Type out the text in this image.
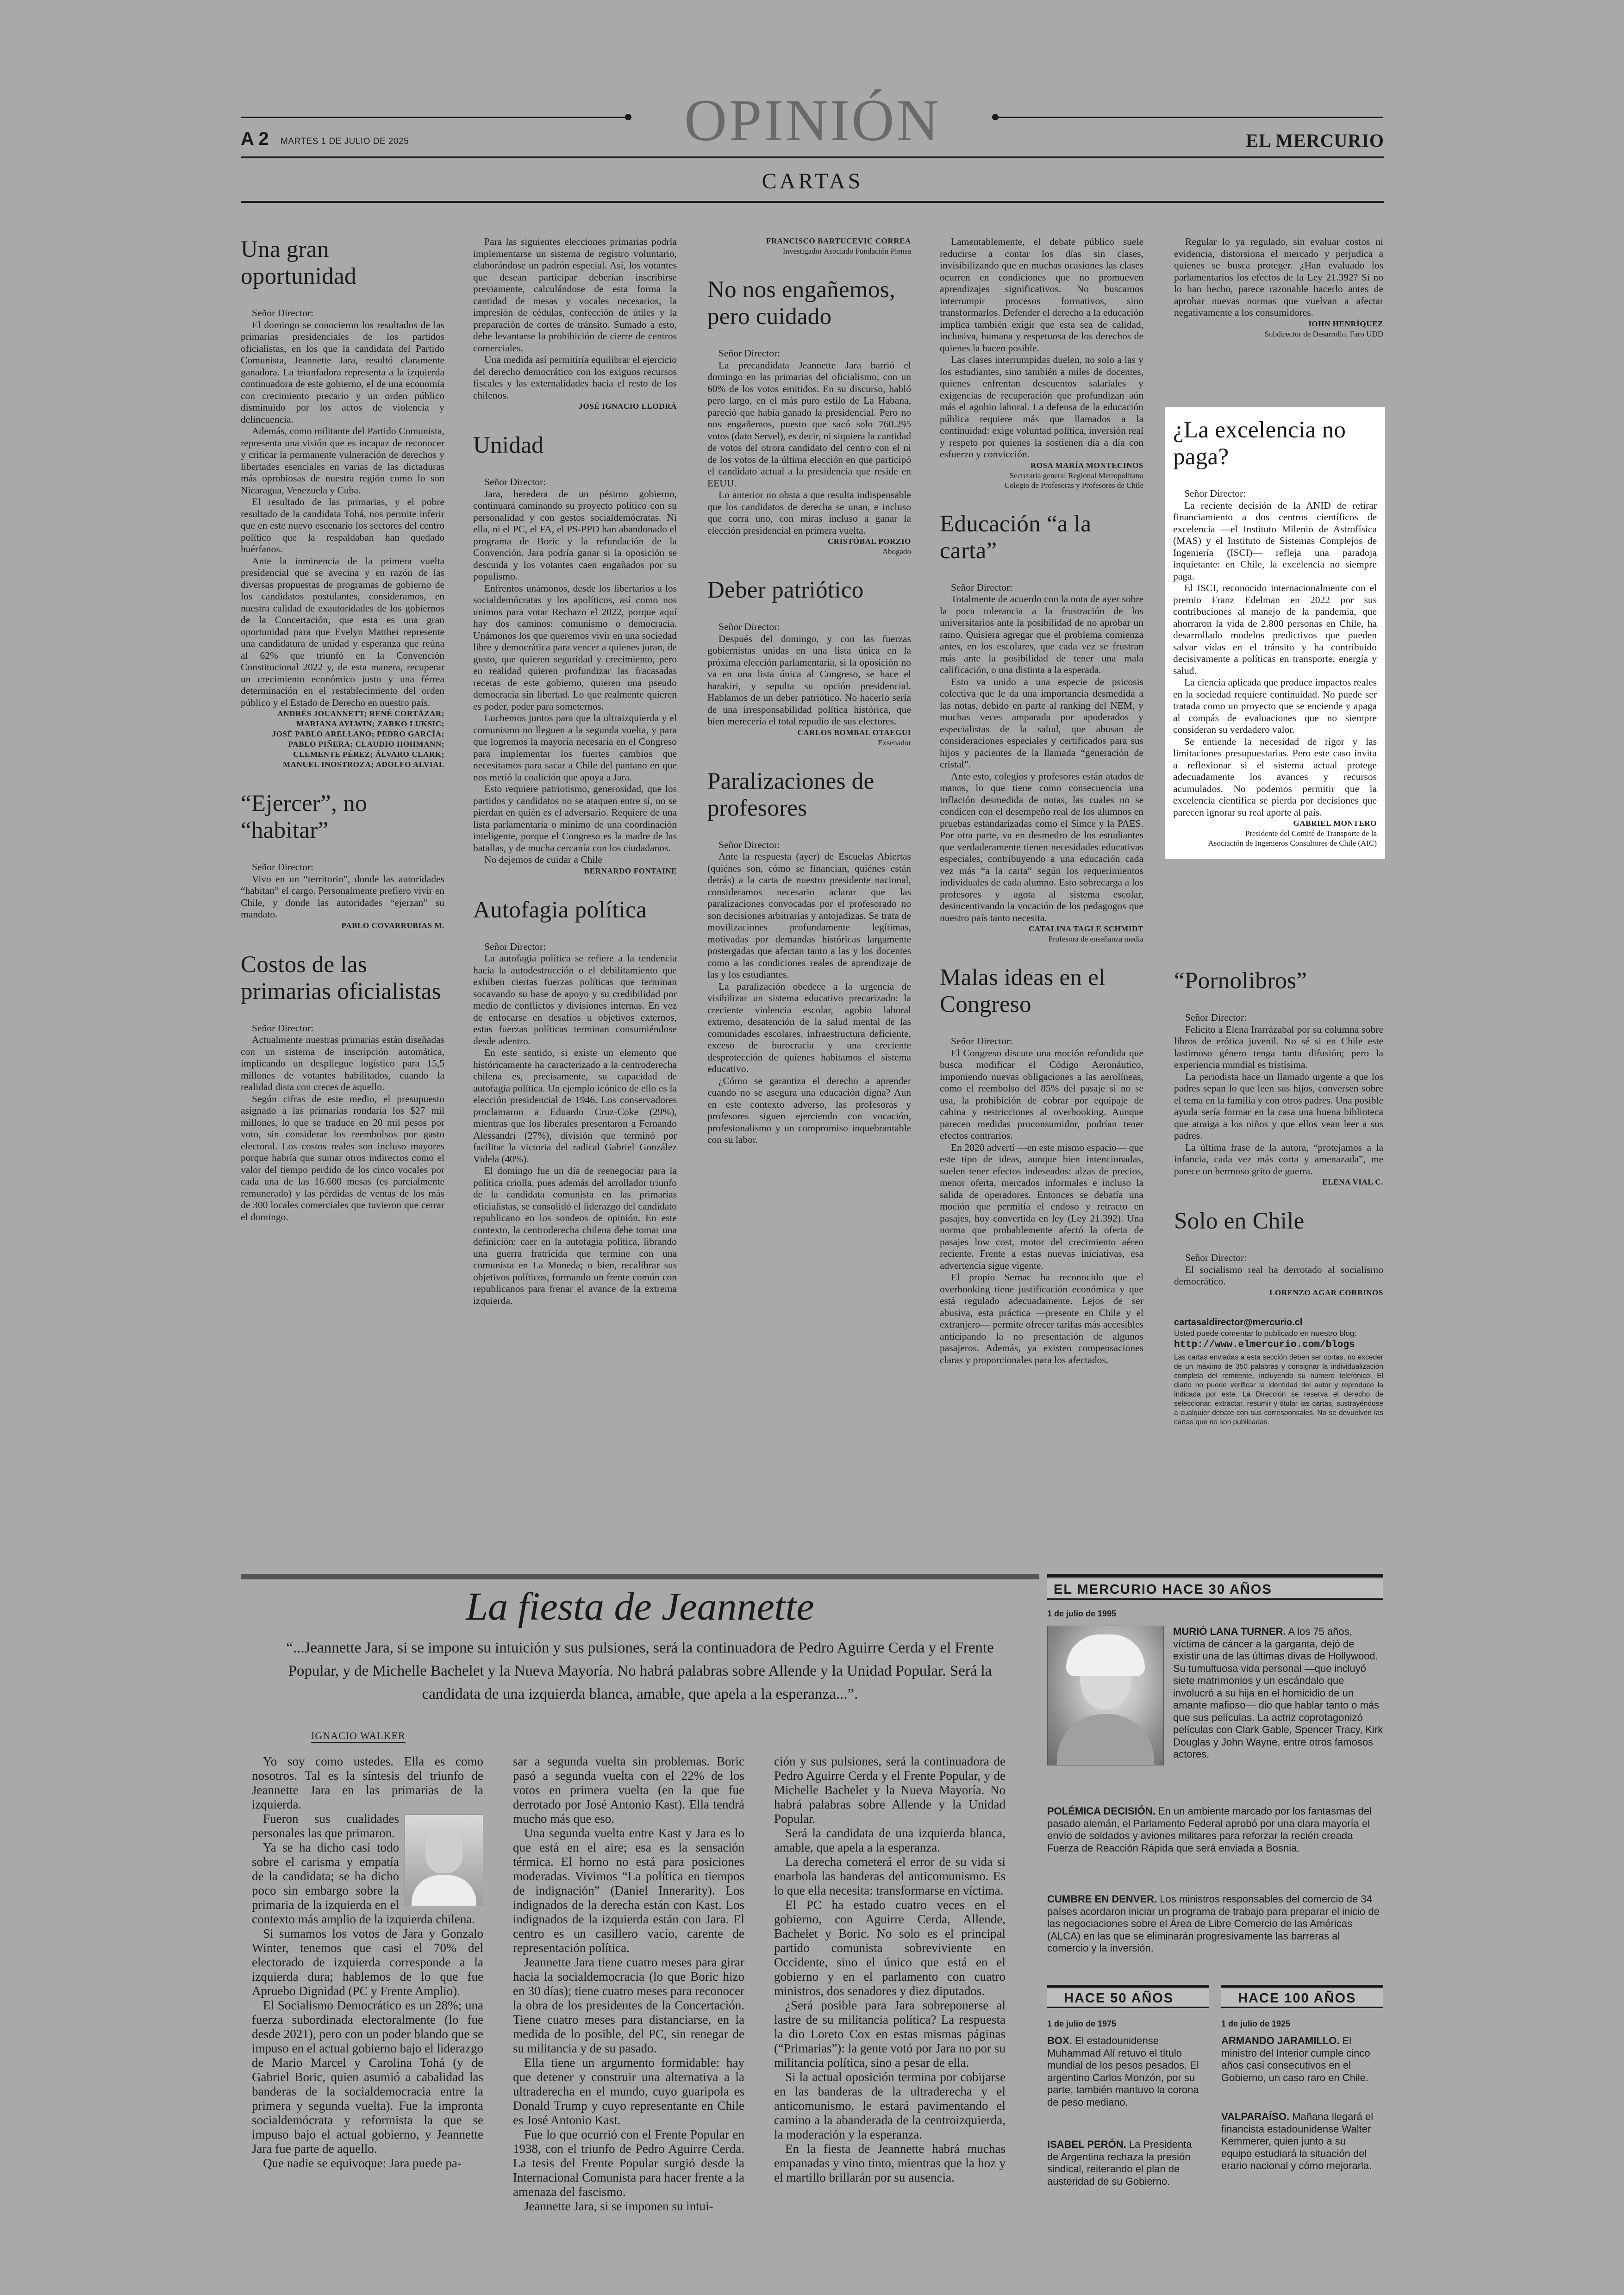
OPINIÓN
A 2 MARTES 1 DE JULIO DE 2025	EL MERCURIO
CARTAS
Una gran oportunidad

Señor Director:

El domingo se conocieron los resultados de las primarias presidenciales de los partidos oficialistas, en los que la candidata del Partido Comunista, Jeannette Jara, resultó claramente ganadora. La triunfadora representa a la izquierda continuadora de este gobierno, el de una economía con crecimiento precario y un orden público disminuido por los actos de violencia y delincuencia.

Además, como militante del Partido Comunista, representa una visión que es incapaz de reconocer y criticar la permanente vulneración de derechos y libertades esenciales en varias de las dictaduras más oprobiosas de nuestra región como lo son Nicaragua, Venezuela y Cuba.

El resultado de las primarias, y el pobre resultado de la candidata Tohá, nos permite inferir que en este nuevo escenario los sectores del centro político que la respaldaban han quedado huérfanos.

Ante la inminencia de la primera vuelta presidencial que se avecina y en razón de las diversas propuestas de programas de gobierno de los candidatos postulantes, consideramos, en nuestra calidad de exautoridades de los gobiernos de la Concertación, que esta es una gran oportunidad para que Evelyn Matthei represente una candidatura de unidad y esperanza que reúna al 62% que triunfó en la Convención Constitucional 2022 y, de esta manera, recuperar un crecimiento económico justo y una férrea determinación en el restablecimiento del orden público y el Estado de Derecho en nuestro país.

ANDRÉS JOUANNETT; RENÉ CORTÁZAR;

MARIANA AYLWIN; ZARKO LUKSIC;

JOSÉ PABLO ARELLANO; PEDRO GARCÍA;

PABLO PIÑERA; CLAUDIO HOHMANN;

CLEMENTE PÉREZ; ÁLVARO CLARK;

MANUEL INOSTROZA; ADOLFO ALVIAL

“Ejercer”, no “habitar”

Señor Director:

Vivo en un “territorio”, donde las autoridades “habitan” el cargo. Personalmente prefiero vivir en Chile, y donde las autoridades “ejerzan” su mandato.

PABLO COVARRUBIAS M.

Costos de las primarias oficialistas

Señor Director:

Actualmente nuestras primarias están diseñadas con un sistema de inscripción automática, implicando un despliegue logístico para 15,5 millones de votantes habilitados, cuando la realidad dista con creces de aquello.

Según cifras de este medio, el presupuesto asignado a las primarias rondaría los $27 mil millones, lo que se traduce en 20 mil pesos por voto, sin considerar los reembolsos por gasto electoral. Los costos reales son incluso mayores porque habría que sumar otros indirectos como el valor del tiempo perdido de los cinco vocales por cada una de las 16.600 mesas (es parcialmente remunerado) y las pérdidas de ventas de los más de 300 locales comerciales que tuvieron que cerrar el domingo.

Para las siguientes elecciones primarias podría implementarse un sistema de registro voluntario, elaborándose un padrón especial. Así, los votantes que desean participar deberían inscribirse previamente, calculándose de esta forma la cantidad de mesas y vocales necesarios, la impresión de cédulas, confección de útiles y la preparación de cortes de tránsito. Sumado a esto, debe levantarse la prohibición de cierre de centros comerciales.

Una medida así permitiría equilibrar el ejercicio del derecho democrático con los exiguos recursos fiscales y las externalidades hacia el resto de los chilenos.

JOSÉ IGNACIO LLODRÁ

Unidad

Señor Director:

Jara, heredera de un pésimo gobierno, continuará caminando su proyecto político con su personalidad y con gestos socialdemócratas. Ni ella, ni el PC, el FA, el PS-PPD han abandonado el programa de Boric y la refundación de la Convención. Jara podría ganar si la oposición se descuida y los votantes caen engañados por su populismo.

Enfrentos unámonos, desde los libertarios a los socialdemócratas y los apolíticos, así como nos unimos para votar Rechazo el 2022, porque aquí hay dos caminos: comunismo o democracia. Unámonos los que queremos vivir en una sociedad libre y democrática para vencer a quienes juran, de gusto, que quieren seguridad y crecimiento, pero en realidad quieren profundizar las fracasadas recetas de este gobierno, quieren una pseudo democracia sin libertad. Lo que realmente quieren es poder, poder para someternos.

Luchemos juntos para que la ultraizquierda y el comunismo no lleguen a la segunda vuelta, y para que logremos la mayoría necesaria en el Congreso para implementar los fuertes cambios que necesitamos para sacar a Chile del pantano en que nos metió la coalición que apoya a Jara.

Esto requiere patriotismo, generosidad, que los partidos y candidatos no se ataquen entre sí, no se pierdan en quién es el adversario. Requiere de una lista parlamentaria o mínimo de una coordinación inteligente, porque el Congreso es la madre de las batallas, y de mucha cercanía con los ciudadanos.

No dejemos de cuidar a Chile

BERNARDO FONTAINE

Autofagia política

Señor Director:

La autofagia política se refiere a la tendencia hacia la autodestrucción o el debilitamiento que exhiben ciertas fuerzas políticas que terminan socavando su base de apoyo y su credibilidad por medio de conflictos y divisiones internas. En vez de enfocarse en desafíos u objetivos externos, estas fuerzas políticas terminan consumiéndose desde adentro.

En este sentido, si existe un elemento que históricamente ha caracterizado a la centroderecha chilena es, precisamente, su capacidad de autofagia política. Un ejemplo icónico de ello es la elección presidencial de 1946. Los conservadores proclamaron a Eduardo Cruz-Coke (29%), mientras que los liberales presentaron a Fernando Alessandri (27%), división que terminó por facilitar la victoria del radical Gabriel González Videla (40%).

El domingo fue un día de reenegociar para la política criolla, pues además del arrollador triunfo de la candidata comunista en las primarias oficialistas, se consolidó el liderazgo del candidato republicano en los sondeos de opinión. En este contexto, la centroderecha chilena debe tomar una definición: caer en la autofagia política, librando una guerra fratricida que termine con una comunista en La Moneda; o bien, recalibrar sus objetivos políticos, formando un frente común con republicanos para frenar el avance de la extrema izquierda.

FRANCISCO BARTUCEVIC CORREA

Investigador Asociado Fundación Piensa

No nos engañemos, pero cuidado

Señor Director:

La precandidata Jeannette Jara barrió el domingo en las primarias del oficialismo, con un 60% de los votos emitidos. En su discurso, habló pero largo, en el más puro estilo de La Habana, pareció que había ganado la presidencial. Pero no nos engañemos, puesto que sacó solo 760.295 votos (dato Servel), es decir, ni siquiera la cantidad de votos del otrora candidato del centro con el ni de los votos de la última elección en que participó el candidato actual a la presidencia que reside en EEUU.

Lo anterior no obsta a que resulta indispensable que los candidatos de derecha se unan, e incluso que corra uno, con miras incluso a ganar la elección presidencial en primera vuelta.

CRISTÓBAL PORZIO

Abogado

Deber patriótico

Señor Director:

Después del domingo, y con las fuerzas gobiernistas unidas en una lista única en la próxima elección parlamentaria, si la oposición no va en una lista única al Congreso, se hace el harakiri, y sepulta su opción presidencial. Hablamos de un deber patriótico. No hacerlo sería de una irresponsabilidad política histórica, que bien merecería el total repudio de sus electores.

CARLOS BOMBAL OTAEGUI

Exsenador

Paralizaciones de profesores

Señor Director:

Ante la respuesta (ayer) de Escuelas Abiertas (quiénes son, cómo se financian, quiénes están detrás) a la carta de nuestro presidente nacional, consideramos necesario aclarar que las paralizaciones convocadas por el profesorado no son decisiones arbitrarias y antojadizas. Se trata de movilizaciones profundamente legítimas, motivadas por demandas históricas largamente postergadas que afectan tanto a las y los docentes como a las condiciones reales de aprendizaje de las y los estudiantes.

La paralización obedece a la urgencia de visibilizar un sistema educativo precarizado: la creciente violencia escolar, agobio laboral extremo, desatención de la salud mental de las comunidades escolares, infraestructura deficiente, exceso de burocracia y una creciente desprotección de quienes habitamos el sistema educativo.

¿Cómo se garantiza el derecho a aprender cuando no se asegura una educación digna? Aun en este contexto adverso, las profesoras y profesores siguen ejerciendo con vocación, profesionalismo y un compromiso inquebrantable con su labor.

Lamentablemente, el debate público suele reducirse a contar los días sin clases, invisibilizando que en muchas ocasiones las clases ocurren en condiciones que no promueven aprendizajes significativos. No buscamos interrumpir procesos formativos, sino transformarlos. Defender el derecho a la educación implica también exigir que esta sea de calidad, inclusiva, humana y respetuosa de los derechos de quienes la hacen posible.

Las clases interrumpidas duelen, no solo a las y los estudiantes, sino también a miles de docentes, quienes enfrentan descuentos salariales y exigencias de recuperación que profundizan aún más el agobio laboral. La defensa de la educación pública requiere más que llamados a la continuidad: exige voluntad política, inversión real y respeto por quienes la sostienen día a día con esfuerzo y convicción.

ROSA MARÍA MONTECINOS

Secretaria general Regional Metropolitano

Colegio de Profesoras y Profesores de Chile

Educación “a la carta”

Señor Director:

Totalmente de acuerdo con la nota de ayer sobre la poca tolerancia a la frustración de los universitarios ante la posibilidad de no aprobar un ramo. Quisiera agregar que el problema comienza antes, en los escolares, que cada vez se frustran más ante la posibilidad de tener una mala calificación, o una distinta a la esperada.

Esto va unido a una especie de psicosis colectiva que le da una importancia desmedida a las notas, debido en parte al ranking del NEM, y muchas veces amparada por apoderados y especialistas de la salud, que abusan de consideraciones especiales y certificados para sus hijos y pacientes de la llamada “generación de cristal”.

Ante esto, colegios y profesores están atados de manos, lo que tiene como consecuencia una inflación desmedida de notas, las cuales no se condicen con el desempeño real de los alumnos en pruebas estandarizadas como el Simce y la PAES. Por otra parte, va en desmedro de los estudiantes que verdaderamente tienen necesidades educativas especiales, contribuyendo a una educación cada vez más “a la carta” según los requerimientos individuales de cada alumno. Esto sobrecarga a los profesores y agota al sistema escolar, desincentivando la vocación de los pedagogos que nuestro país tanto necesita.

CATALINA TAGLE SCHMIDT

Profesora de enseñanza media

Malas ideas en el Congreso

Señor Director:

El Congreso discute una moción refundida que busca modificar el Código Aeronáutico, imponiendo nuevas obligaciones a las aerolíneas, como el reembolso del 85% del pasaje si no se usa, la prohibición de cobrar por equipaje de cabina y restricciones al overbooking. Aunque parecen medidas proconsumidor, podrían tener efectos contrarios.

En 2020 advertí —en este mismo espacio— que este tipo de ideas, aunque bien intencionadas, suelen tener efectos indeseados: alzas de precios, menor oferta, mercados informales e incluso la salida de operadores. Entonces se debatía una moción que permitía el endoso y retracto en pasajes, hoy convertida en ley (Ley 21.392). Una norma que probablemente afectó la oferta de pasajes low cost, motor del crecimiento aéreo reciente. Frente a estas nuevas iniciativas, esa advertencia sigue vigente.

El propio Sernac ha reconocido que el overbooking tiene justificación económica y que está regulado adecuadamente. Lejos de ser abusiva, esta práctica —presente en Chile y el extranjero— permite ofrecer tarifas más accesibles anticipando la no presentación de algunos pasajeros. Además, ya existen compensaciones claras y proporcionales para los afectados.

Regular lo ya regulado, sin evaluar costos ni evidencia, distorsiona el mercado y perjudica a quienes se busca proteger. ¿Han evaluado los parlamentarios los efectos de la Ley 21.392? Si no lo han hecho, parece razonable hacerlo antes de aprobar nuevas normas que vuelvan a afectar negativamente a los consumidores.

JOHN HENRÍQUEZ

Subdirector de Desarrollo, Faro UDD

¿La excelencia no paga?

Señor Director:

La reciente decisión de la ANID de retirar financiamiento a dos centros científicos de excelencia —el Instituto Milenio de Astrofísica (MAS) y el Instituto de Sistemas Complejos de Ingeniería (ISCI)— refleja una paradoja inquietante: en Chile, la excelencia no siempre paga.

El ISCI, reconocido internacionalmente con el premio Franz Edelman en 2022 por sus contribuciones al manejo de la pandemia, que ahorraron la vida de 2.800 personas en Chile, ha desarrollado modelos predictivos que pueden salvar vidas en el tránsito y ha contribuido decisivamente a políticas en transporte, energía y salud.

La ciencia aplicada que produce impactos reales en la sociedad requiere continuidad. No puede ser tratada como un proyecto que se enciende y apaga al compás de evaluaciones que no siempre consideran su verdadero valor.

Se entiende la necesidad de rigor y las limitaciones presupuestarias. Pero este caso invita a reflexionar si el sistema actual protege adecuadamente los avances y recursos acumulados. No podemos permitir que la excelencia científica se pierda por decisiones que parecen ignorar su real aporte al país.

GABRIEL MONTERO

Presidente del Comité de Transporte de la

Asociación de Ingenieros Consultores de Chile (AIC)

“Pornolibros”

Señor Director:

Felicito a Elena Irarrázabal por su columna sobre libros de erótica juvenil. No sé si en Chile este lastimoso género tenga tanta difusión; pero la experiencia mundial es tristísima.

La periodista hace un llamado urgente a que los padres sepan lo que leen sus hijos, conversen sobre el tema en la familia y con otros padres. Una posible ayuda sería formar en la casa una buena biblioteca que atraiga a los niños y que ellos vean leer a sus padres.

La última frase de la autora, “protejamos a la infancia, cada vez más corta y amenazada”, me parece un hermoso grito de guerra.

ELENA VIAL C.

Solo en Chile

Señor Director:

El socialismo real ha derrotado al socialismo democrático.

LORENZO AGAR CORBINOS

cartasaldirector@mercurio.cl
Usted puede comentar lo publicado en nuestro blog:
http://www.elmercurio.com/blogs
Las cartas enviadas a esta sección deben ser cortas, no exceder de un máximo de 350 palabras y consignar la individualización completa del remitente, incluyendo su número telefónico. El diario no puede verificar la identidad del autor y reproduce la indicada por este. La Dirección se reserva el derecho de seleccionar, extractar, resumir y titular las cartas, sustrayéndose a cualquier debate con sus corresponsales. No se devuelven las cartas que no son publicadas.
La fiesta de Jeannette
“...Jeannette Jara, si se impone su intuición y sus pulsiones, será la continuadora de Pedro Aguirre Cerda y el Frente Popular, y de Michelle Bachelet y la Nueva Mayoría. No habrá palabras sobre Allende y la Unidad Popular. Será la candidata de una izquierda blanca, amable, que apela a la esperanza...”.
IGNACIO WALKER

Yo soy como ustedes. Ella es como nosotros. Tal es la síntesis del triunfo de Jeannette Jara en las primarias de la izquierda.

Fueron sus cualidades personales las que primaron.

Ya se ha dicho casi todo sobre el carisma y empatía de la candidata; se ha dicho poco sin embargo sobre la primaria de la izquierda en el contexto más amplio de la izquierda chilena.

Si sumamos los votos de Jara y Gonzalo Winter, tenemos que casi el 70% del electorado de izquierda corresponde a la izquierda dura; hablemos de lo que fue Apruebo Dignidad (PC y Frente Amplio).

El Socialismo Democrático es un 28%; una fuerza subordinada electoralmente (lo fue desde 2021), pero con un poder blando que se impuso en el actual gobierno bajo el liderazgo de Mario Marcel y Carolina Tohá (y de Gabriel Boric, quien asumió a cabalidad las banderas de la socialdemocracia entre la primera y segunda vuelta). Fue la impronta socialdemócrata y reformista la que se impuso bajo el actual gobierno, y Jeannette Jara fue parte de aquello.

Que nadie se equivoque: Jara puede pa-

sar a segunda vuelta sin problemas. Boric pasó a segunda vuelta con el 22% de los votos en primera vuelta (en la que fue derrotado por José Antonio Kast). Ella tendrá mucho más que eso.

Una segunda vuelta entre Kast y Jara es lo que está en el aire; esa es la sensación térmica. El horno no está para posiciones moderadas. Vivimos “La política en tiempos de indignación” (Daniel Innerarity). Los indignados de la derecha están con Kast. Los indignados de la izquierda están con Jara. El centro es un casillero vacío, carente de representación política.

Jeannette Jara tiene cuatro meses para girar hacia la socialdemocracia (lo que Boric hizo en 30 días); tiene cuatro meses para reconocer la obra de los presidentes de la Concertación. Tiene cuatro meses para distanciarse, en la medida de lo posible, del PC, sin renegar de su militancia y de su pasado.

Ella tiene un argumento formidable: hay que detener y construir una alternativa a la ultraderecha en el mundo, cuyo guaripola es Donald Trump y cuyo representante en Chile es José Antonio Kast.

Fue lo que ocurrió con el Frente Popular en 1938, con el triunfo de Pedro Aguirre Cerda. La tesis del Frente Popular surgió desde la Internacional Comunista para hacer frente a la amenaza del fascismo.

Jeannette Jara, si se imponen su intui-

ción y sus pulsiones, será la continuadora de Pedro Aguirre Cerda y el Frente Popular, y de Michelle Bachelet y la Nueva Mayoría. No habrá palabras sobre Allende y la Unidad Popular.

Será la candidata de una izquierda blanca, amable, que apela a la esperanza.

La derecha cometerá el error de su vida si enarbola las banderas del anticomunismo. Es lo que ella necesita: transformarse en víctima.

El PC ha estado cuatro veces en el gobierno, con Aguirre Cerda, Allende, Bachelet y Boric. No solo es el principal partido comunista sobreviviente en Occidente, sino el único que está en el gobierno y en el parlamento con cuatro ministros, dos senadores y diez diputados.

¿Será posible para Jara sobreponerse al lastre de su militancia política? La respuesta la dio Loreto Cox en estas mismas páginas (“Primarias”): la gente votó por Jara no por su militancia política, sino a pesar de ella.

Si la actual oposición termina por cobijarse en las banderas de la ultraderecha y el anticomunismo, le estará pavimentando el camino a la abanderada de la centroizquierda, la moderación y la esperanza.

En la fiesta de Jeannette habrá muchas empanadas y vino tinto, mientras que la hoz y el martillo brillarán por su ausencia.

EL MERCURIO HACE 30 AÑOS
1 de julio de 1995
MURIÓ LANA TURNER. A los 75 años, víctima de cáncer a la garganta, dejó de existir una de las últimas divas de Hollywood. Su tumultuosa vida personal —que incluyó siete matrimonios y un escándalo que involucró a su hija en el homicidio de un amante mafioso— dio que hablar tanto o más que sus películas. La actriz coprotagonizó películas con Clark Gable, Spencer Tracy, Kirk Douglas y John Wayne, entre otros famosos actores.
POLÉMICA DECISIÓN. En un ambiente marcado por los fantasmas del pasado alemán, el Parlamento Federal aprobó por una clara mayoría el envío de soldados y aviones militares para reforzar la recién creada Fuerza de Reacción Rápida que será enviada a Bosnia.
CUMBRE EN DENVER. Los ministros responsables del comercio de 34 países acordaron iniciar un programa de trabajo para preparar el inicio de las negociaciones sobre el Área de Libre Comercio de las Américas (ALCA) en las que se eliminarán progresivamente las barreras al comercio y la inversión.
HACE 50 AÑOS
1 de julio de 1975
BOX. El estadounidense Muhammad Alí retuvo el título mundial de los pesos pesados. El argentino Carlos Monzón, por su parte, también mantuvo la corona de peso mediano.
ISABEL PERÓN. La Presidenta de Argentina rechaza la presión sindical, reiterando el plan de austeridad de su Gobierno.
HACE 100 AÑOS
1 de julio de 1925
ARMANDO JARAMILLO. El ministro del Interior cumple cinco años casi consecutivos en el Gobierno, un caso raro en Chile.
VALPARAÍSO. Mañana llegará el financista estadounidense Walter Kemmerer, quien junto a su equipo estudiará la situación del erario nacional y cómo mejorarla.
